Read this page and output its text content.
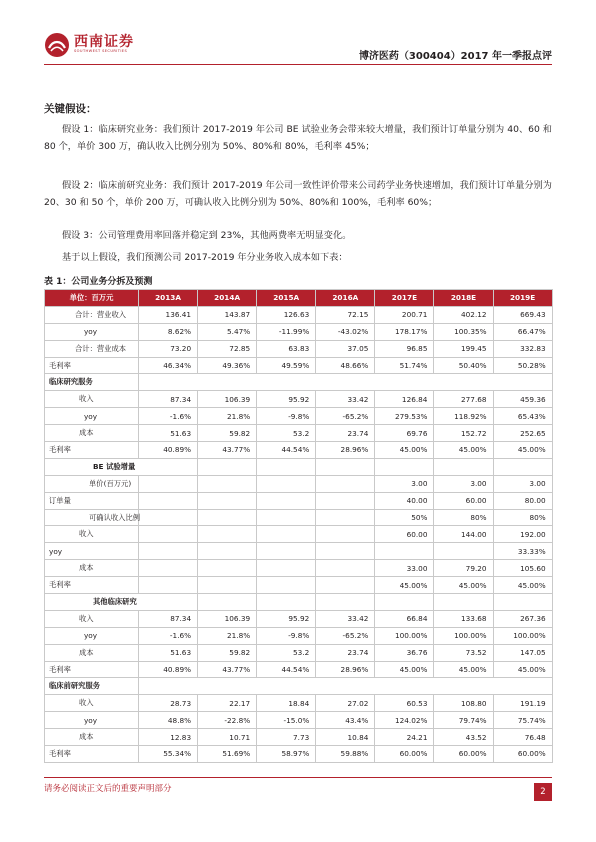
西南证券
SOUTHWEST SECURITIES	博济医药（300404）2017 年一季报点评
关键假设：

假设 1：临床研究业务：我们预计 2017-2019 年公司 BE 试验业务会带来较大增量，我们预计订单量分别为 40、60 和 80 个，单价 300 万，确认收入比例分别为 50%、80%和 80%，毛利率 45%；

假设 2：临床前研究业务：我们预计 2017-2019 年公司一致性评价带来公司药学业务快速增加，我们预计订单量分别为 20、30 和 50 个，单价 200 万，可确认收入比例分别为 50%、80%和 100%，毛利率 60%；

假设 3：公司管理费用率回落并稳定到 23%，其他两费率无明显变化。

基于以上假设，我们预测公司 2017-2019 年分业务收入成本如下表：

表 1：公司业务分拆及预测
单位：百万元	2013A	2014A	2015A	2016A	2017E	2018E	2019E
合计：营业收入	136.41	143.87	126.63	72.15	200.71	402.12	669.43
yoy	8.62%	5.47%	-11.99%	-43.02%	178.17%	100.35%	66.47%
合计：营业成本	73.20	72.85	63.83	37.05	96.85	199.45	332.83
毛利率	46.34%	49.36%	49.59%	48.66%	51.74%	50.40%	50.28%
临床研究服务							
收入	87.34	106.39	95.92	33.42	126.84	277.68	459.36
yoy	-1.6%	21.8%	-9.8%	-65.2%	279.53%	118.92%	65.43%
成本	51.63	59.82	53.2	23.74	69.76	152.72	252.65
毛利率	40.89%	43.77%	44.54%	28.96%	45.00%	45.00%	45.00%
BE 试验增量							
单价(百万元)					3.00	3.00	3.00
订单量					40.00	60.00	80.00
可确认收入比例					50%	80%	80%
收入					60.00	144.00	192.00
yoy							33.33%
成本					33.00	79.20	105.60
毛利率					45.00%	45.00%	45.00%
其他临床研究							
收入	87.34	106.39	95.92	33.42	66.84	133.68	267.36
yoy	-1.6%	21.8%	-9.8%	-65.2%	100.00%	100.00%	100.00%
成本	51.63	59.82	53.2	23.74	36.76	73.52	147.05
毛利率	40.89%	43.77%	44.54%	28.96%	45.00%	45.00%	45.00%
临床前研究服务							
收入	28.73	22.17	18.84	27.02	60.53	108.80	191.19
yoy	48.8%	-22.8%	-15.0%	43.4%	124.02%	79.74%	75.74%
成本	12.83	10.71	7.73	10.84	24.21	43.52	76.48
毛利率	55.34%	51.69%	58.97%	59.88%	60.00%	60.00%	60.00%
请务必阅读正文后的重要声明部分	2
